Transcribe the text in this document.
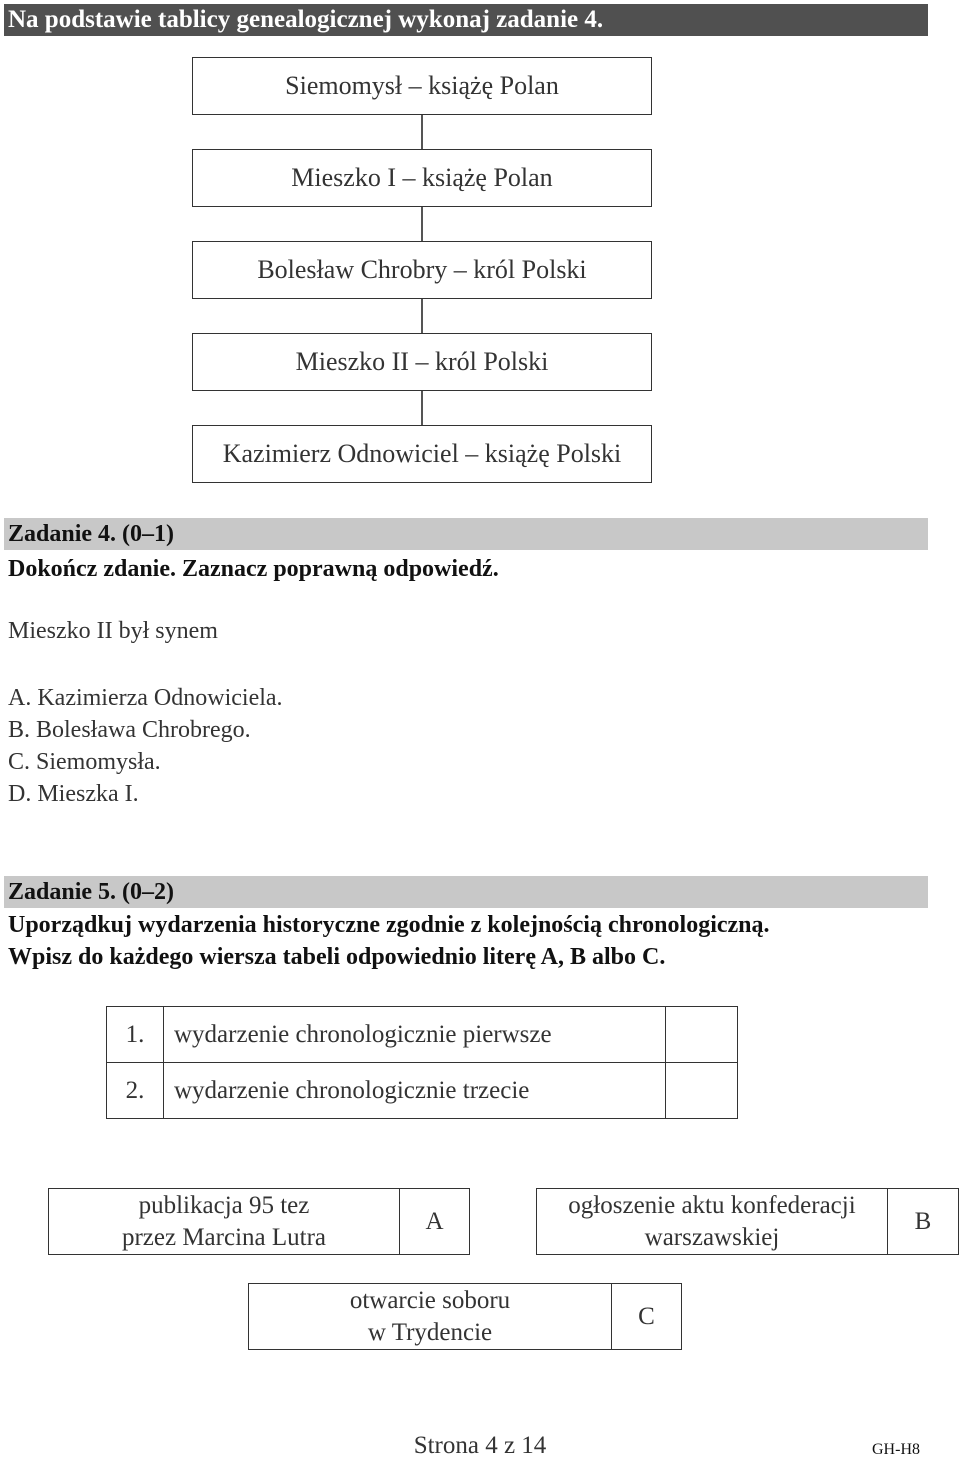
Na podstawie tablicy genealogicznej wykonaj zadanie 4.
Siemomysł – książę Polan
Mieszko I – książę Polan
Bolesław Chrobry – król Polski
Mieszko II – król Polski
Kazimierz Odnowiciel – książę Polski
Zadanie 4. (0–1)
Dokończ zdanie. Zaznacz poprawną odpowiedź.
Mieszko II był synem
A. Kazimierza Odnowiciela.
B. Bolesława Chrobrego.
C. Siemomysła.
D. Mieszka I.
Zadanie 5. (0–2)
Uporządkuj wydarzenia historyczne zgodnie z kolejnością chronologiczną.
Wpisz do każdego wiersza tabeli odpowiednio literę A, B albo C.
1.	wydarzenie chronologicznie pierwsze	
2.	wydarzenie chronologicznie trzecie	
publikacja 95 tez
przez Marcina Lutra
A
ogłoszenie aktu konfederacji
warszawskiej
B
otwarcie soboru
w Trydencie
C
Strona 4 z 14	GH-H8
